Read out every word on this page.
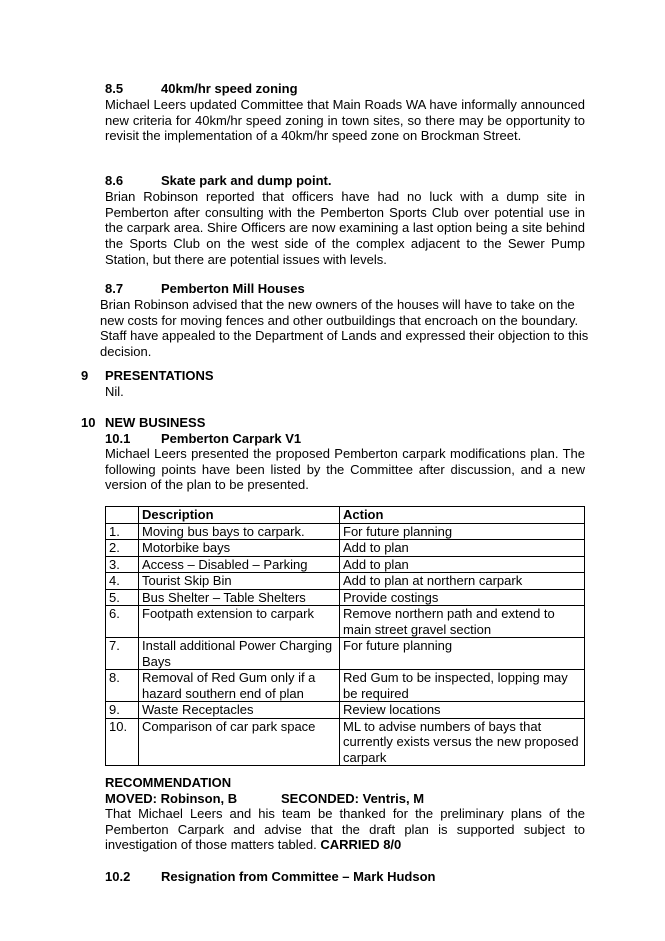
8.5	40km/hr speed zoning
Michael Leers updated Committee that Main Roads WA have informally announced new criteria for 40km/hr speed zoning in town sites, so there may be opportunity to revisit the implementation of a 40km/hr speed zone on Brockman Street.
8.6	Skate park and dump point.
Brian Robinson reported that officers have had no luck with a dump site in Pemberton after consulting with the Pemberton Sports Club over potential use in the carpark area. Shire Officers are now examining a last option being a site behind the Sports Club on the west side of the complex adjacent to the Sewer Pump Station, but there are potential issues with levels.
8.7	Pemberton Mill Houses
Brian Robinson advised that the new owners of the houses will have to take on the new costs for moving fences and other outbuildings that encroach on the boundary. Staff have appealed to the Department of Lands and expressed their objection to this decision.
9 PRESENTATIONS
Nil.
10 NEW BUSINESS
10.1 Pemberton Carpark V1
Michael Leers presented the proposed Pemberton carpark modifications plan. The following points have been listed by the Committee after discussion, and a new version of the plan to be presented.
	Description	Action
1.	Moving bus bays to carpark.	For future planning
2.	Motorbike bays	Add to plan
3.	Access – Disabled – Parking	Add to plan
4.	Tourist Skip Bin	Add to plan at northern carpark
5.	Bus Shelter – Table Shelters	Provide costings
6.	Footpath extension to carpark	Remove northern path and extend to main street gravel section
7.	Install additional Power Charging Bays	For future planning
8.	Removal of Red Gum only if a hazard southern end of plan	Red Gum to be inspected, lopping may be required
9.	Waste Receptacles	Review locations
10.	Comparison of car park space	ML to advise numbers of bays that currently exists versus the new proposed carpark
RECOMMENDATION
MOVED: Robinson, B	SECONDED: Ventris, M
That Michael Leers and his team be thanked for the preliminary plans of the Pemberton Carpark and advise that the draft plan is supported subject to investigation of those matters tabled. CARRIED 8/0
10.2 Resignation from Committee – Mark Hudson
